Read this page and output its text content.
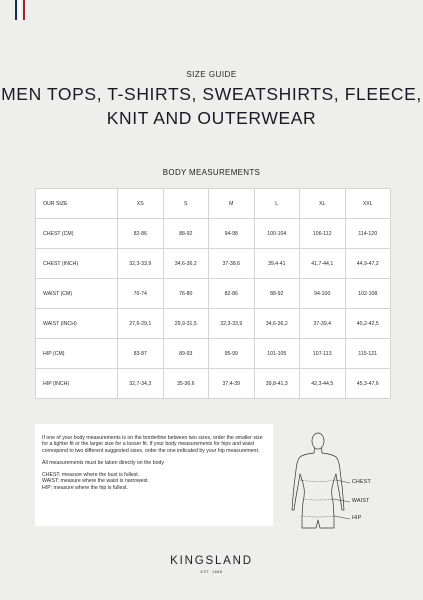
SIZE GUIDE
MEN TOPS, T-SHIRTS, SWEATSHIRTS, FLEECE,
KNIT AND OUTERWEAR
BODY MEASUREMENTS
OUR SIZE	XS	S	M	L	XL	XXL
CHEST (CM)	82-86	88-92	94-98	100-104	106-112	114-120
CHEST (INCH)	32,3-33,9	34,6-36,2	37-38,6	39,4-41	41,7-44,1	44,9-47,2
WAIST (CM)	70-74	76-80	82-86	88-92	94-100	102-108
WAIST (INCH)	27,6-29,1	29,9-31,5	32,3-33,9	34,6-36,2	37-39,4	40,2-42,5
HIP (CM)	83-87	89-93	95-99	101-105	107-113	115-121
HIP (INCH)	32,7-34,3	35-36,6	37,4-39	39,8-41,3	42,3-44,5	45,3-47,6

If one of your body measurements is on the borderline between two sizes, order the smaller size for a tighter fit or the larger size for a looser fit. If your body measurements for hips and waist correspond to two different suggested sizes, order the one indicated by your hip measurement.

All measurements must be taken directly on the body

CHEST: measure where the bust is fullest.
WAIST: measure where the waist is narrowest.
HIP: measure where the hip is fullest.
CHEST
WAIST
HIP
KINGSLAND
EST. 1888
